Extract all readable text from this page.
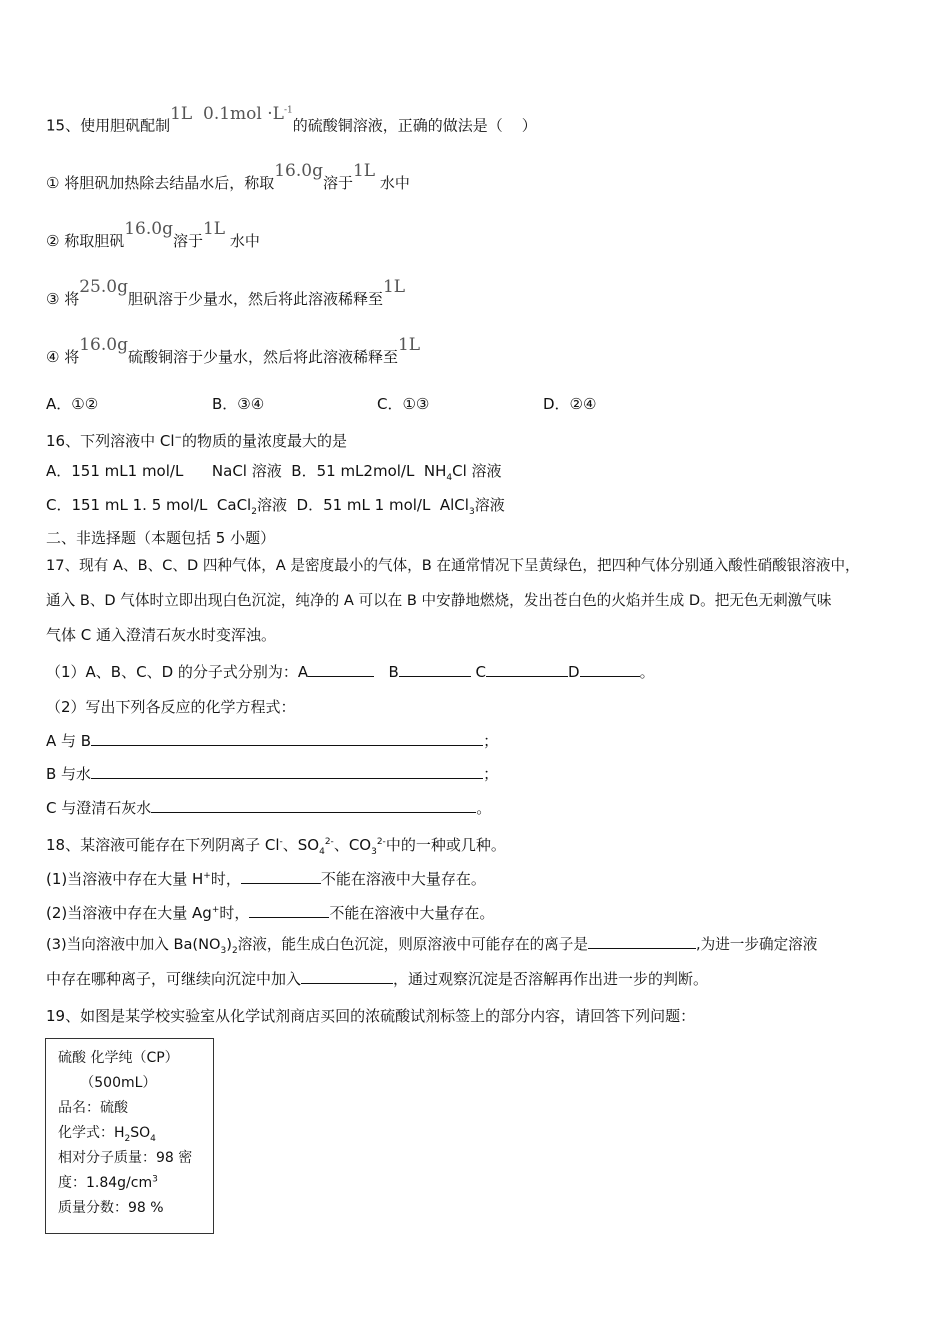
15、使用胆矾配制1L  $0.1mol \cdot L^{-1}$的硫酸铜溶液，正确的做法是（    ）
① 将胆矾加热除去结晶水后，称取16.0g溶于1L 水中
② 称取胆矾16.0g溶于1L 水中
③ 将25.0g胆矾溶于少量水，然后将此溶液稀释至1L
④ 将16.0g硫酸铜溶于少量水，然后将此溶液稀释至1L
A．①②	B．③④	C．①③	D．②④
16、下列溶液中 Cl−的物质的量浓度最大的是
A．151 mL1 mol/L      NaCl 溶液 B．51 mL2mol/L  $NH_4Cl$ 溶液
C．151 mL 1. 5 mol/L  CaCl$_2$溶液 D．51 mL 1 mol/L  AlCl$_3$溶液
二、非选择题（本题包括 5 小题）
17、现有 A、B、C、D 四种气体，A 是密度最小的气体，B 在通常情况下呈黄绿色，把四种气体分别通入酸性硝酸银溶液中，
通入 B、D 气体时立即出现白色沉淀，纯净的 A 可以在 B 中安静地燃烧，发出苍白色的火焰并生成 D。把无色无刺激气味
气体 C 通入澄清石灰水时变浑浊。
（1）A、B、C、D 的分子式分别为：A	B	C	D	。
（2）写出下列各反应的化学方程式：
A 与 B	；
B 与水	；
C 与澄清石灰水	。
18、某溶液可能存在下列阴离子 Cl-、$SO_4^{2-}$、$CO_3^{2-}$中的一种或几种。
(1)当溶液中存在大量 H+时，	不能在溶液中大量存在。
(2)当溶液中存在大量 Ag+时，	不能在溶液中大量存在。
(3)当向溶液中加入 $Ba(NO_3)_2$溶液，能生成白色沉淀，则原溶液中可能存在的离子是	,为进一步确定溶液
中存在哪种离子，可继续向沉淀中加入	，通过观察沉淀是否溶解再作出进一步的判断。
19、如图是某学校实验室从化学试剂商店买回的浓硫酸试剂标签上的部分内容，请回答下列问题：
硫酸 化学纯（CP）
（500mL）
品名：硫酸
化学式：$H_2SO_4$
相对分子质量：98 密
度：$1.84g/cm^3$
质量分数：98 %
